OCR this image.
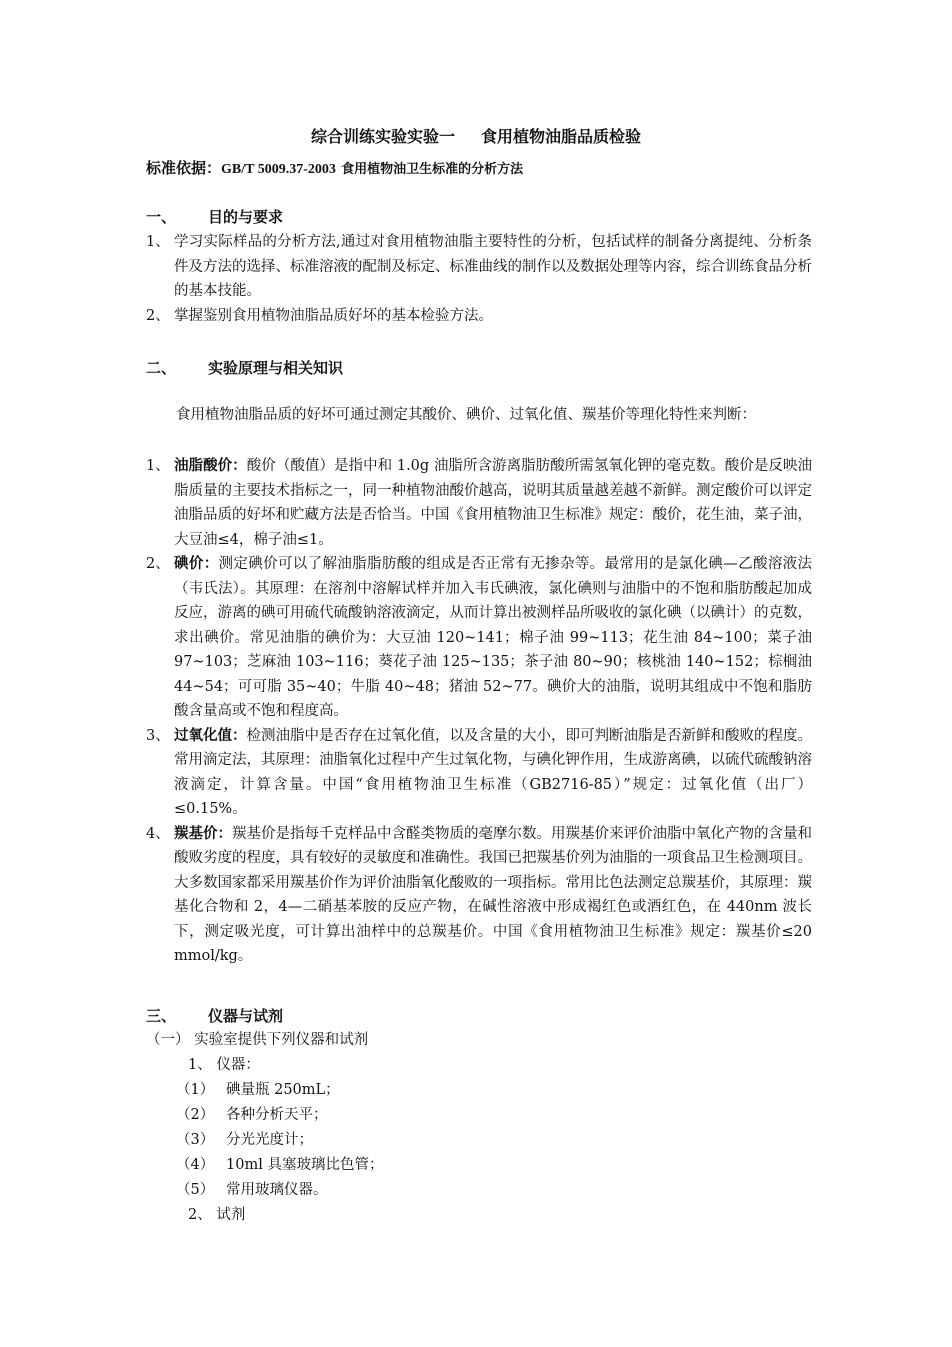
综合训练实验实验一 食用植物油脂品质检验
标准依据：GB/T 5009.37-2003 食用植物油卫生标准的分析方法
一、 目的与要求
1、 学习实际样品的分析方法,通过对食用植物油脂主要特性的分析，包括试样的制备分离提纯、分析条件及方法的选择、标准溶液的配制及标定、标准曲线的制作以及数据处理等内容，综合训练食品分析的基本技能。
2、 掌握鉴别食用植物油脂品质好坏的基本检验方法。
二、 实验原理与相关知识
食用植物油脂品质的好坏可通过测定其酸价、碘价、过氧化值、羰基价等理化特性来判断：
1、 油脂酸价：酸价（酸值）是指中和 1.0g 油脂所含游离脂肪酸所需氢氧化钾的毫克数。酸价是反映油脂质量的主要技术指标之一，同一种植物油酸价越高，说明其质量越差越不新鲜。测定酸价可以评定油脂品质的好坏和贮藏方法是否恰当。中国《食用植物油卫生标准》规定：酸价，花生油，菜子油，大豆油≤4，棉子油≤1。
2、 碘价：测定碘价可以了解油脂脂肪酸的组成是否正常有无掺杂等。最常用的是氯化碘—乙酸溶液法（韦氏法）。其原理：在溶剂中溶解试样并加入韦氏碘液，氯化碘则与油脂中的不饱和脂肪酸起加成反应，游离的碘可用硫代硫酸钠溶液滴定，从而计算出被测样品所吸收的氯化碘（以碘计）的克数，求出碘价。常见油脂的碘价为：大豆油 120~141；棉子油 99~113；花生油 84~100；菜子油 97~103；芝麻油 103~116；葵花子油 125~135；茶子油 80~90；核桃油 140~152；棕榈油 44~54；可可脂 35~40；牛脂 40~48；猪油 52~77。碘价大的油脂，说明其组成中不饱和脂肪酸含量高或不饱和程度高。
3、 过氧化值：检测油脂中是否存在过氧化值，以及含量的大小，即可判断油脂是否新鲜和酸败的程度。常用滴定法，其原理：油脂氧化过程中产生过氧化物，与碘化钾作用，生成游离碘，以硫代硫酸钠溶液滴定，计算含量。中国“食用植物油卫生标准（GB2716-85）”规定：过氧化值（出厂）≤0.15%。
4、 羰基价：羰基价是指每千克样品中含醛类物质的毫摩尔数。用羰基价来评价油脂中氧化产物的含量和酸败劣度的程度，具有较好的灵敏度和准确性。我国已把羰基价列为油脂的一项食品卫生检测项目。大多数国家都采用羰基价作为评价油脂氧化酸败的一项指标。常用比色法测定总羰基价，其原理：羰基化合物和 2，4—二硝基苯胺的反应产物，在碱性溶液中形成褐红色或酒红色，在 440nm 波长下，测定吸光度，可计算出油样中的总羰基价。中国《食用植物油卫生标准》规定：羰基价≤20 mmol/kg。
三、 仪器与试剂
（一） 实验室提供下列仪器和试剂
1、 仪器：
（1） 碘量瓶 250mL；
（2） 各种分析天平；
（3） 分光光度计；
（4） 10ml 具塞玻璃比色管；
（5） 常用玻璃仪器。
2、 试剂
